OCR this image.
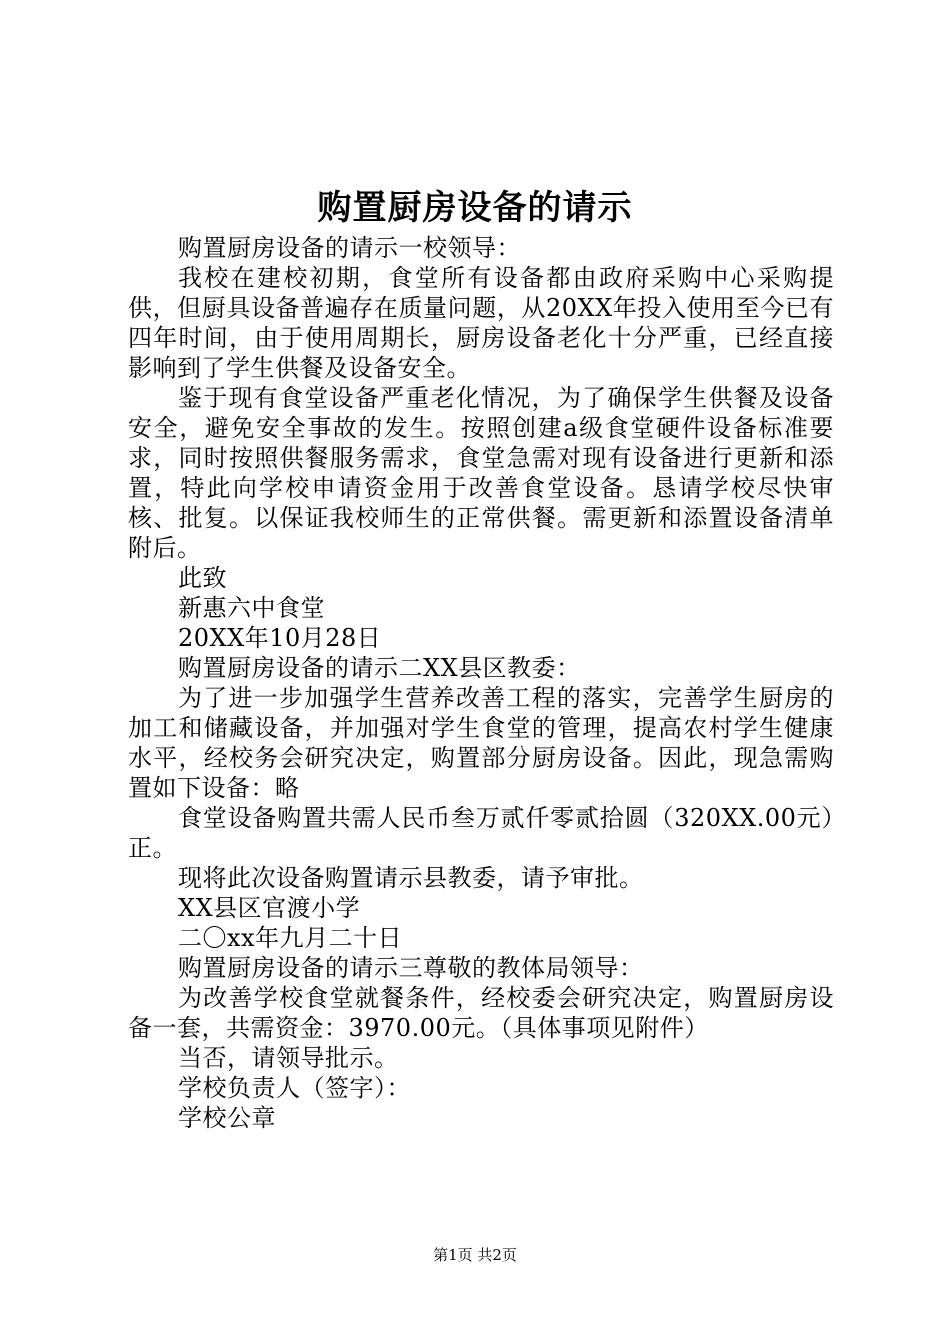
购置厨房设备的请示

购置厨房设备的请示一校领导：

我校在建校初期，食堂所有设备都由政府采购中心采购提供，但厨具设备普遍存在质量问题，从20XX年投入使用至今已有四年时间，由于使用周期长，厨房设备老化十分严重，已经直接影响到了学生供餐及设备安全。

鉴于现有食堂设备严重老化情况，为了确保学生供餐及设备安全，避免安全事故的发生。按照创建a级食堂硬件设备标准要求，同时按照供餐服务需求，食堂急需对现有设备进行更新和添置，特此向学校申请资金用于改善食堂设备。恳请学校尽快审核、批复。以保证我校师生的正常供餐。需更新和添置设备清单附后。

此致

新惠六中食堂

20XX年10月28日

购置厨房设备的请示二XX县区教委：

为了进一步加强学生营养改善工程的落实，完善学生厨房的加工和储藏设备，并加强对学生食堂的管理，提高农村学生健康水平，经校务会研究决定，购置部分厨房设备。因此，现急需购置如下设备：略

食堂设备购置共需人民币叁万贰仟零贰拾圆（320XX.00元）正。

现将此次设备购置请示县教委，请予审批。

XX县区官渡小学

二〇xx年九月二十日

购置厨房设备的请示三尊敬的教体局领导：

为改善学校食堂就餐条件，经校委会研究决定，购置厨房设备一套，共需资金：3970.00元。（具体事项见附件）

当否，请领导批示。

学校负责人（签字）：

学校公章

第1页 共2页
